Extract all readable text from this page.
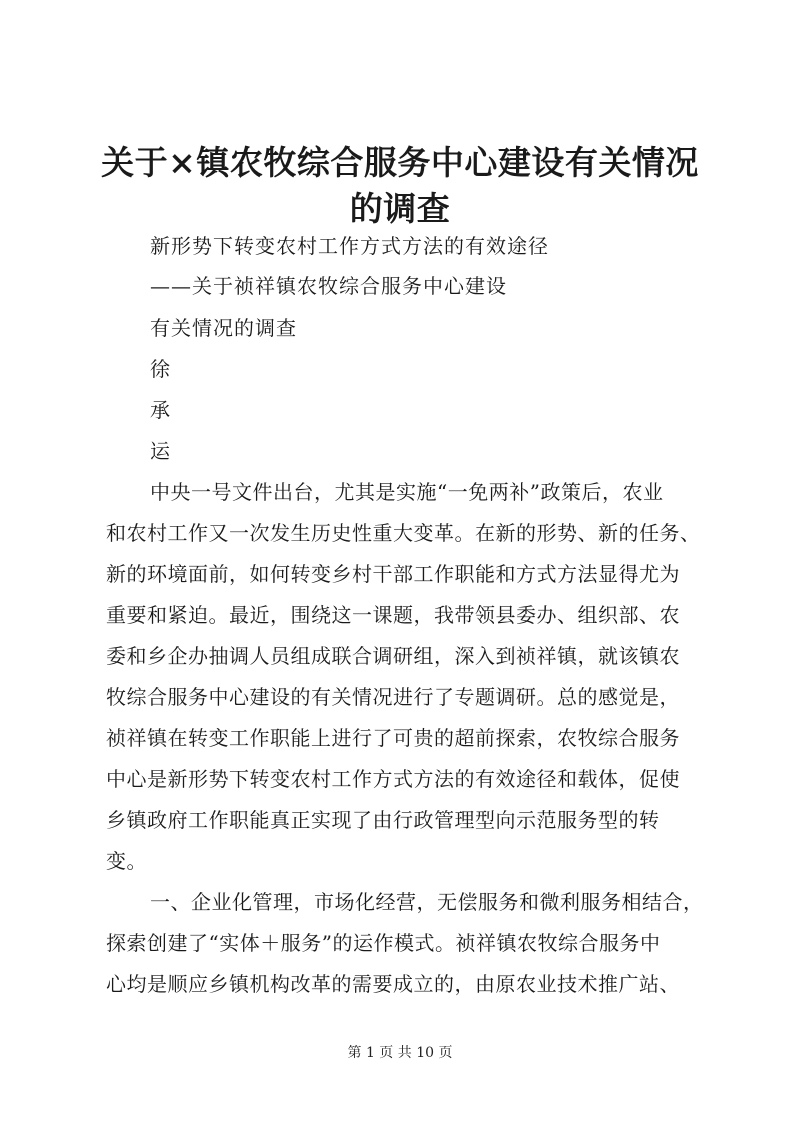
关于×镇农牧综合服务中心建设有关情况的调查
新形势下转变农村工作方式方法的有效途径
——关于祯祥镇农牧综合服务中心建设
有关情况的调查
徐
承
运
中央一号文件出台，尤其是实施“一免两补”政策后，农业
和农村工作又一次发生历史性重大变革。在新的形势、新的任务、
新的环境面前，如何转变乡村干部工作职能和方式方法显得尤为
重要和紧迫。最近，围绕这一课题，我带领县委办、组织部、农
委和乡企办抽调人员组成联合调研组，深入到祯祥镇，就该镇农
牧综合服务中心建设的有关情况进行了专题调研。总的感觉是，
祯祥镇在转变工作职能上进行了可贵的超前探索，农牧综合服务
中心是新形势下转变农村工作方式方法的有效途径和载体，促使
乡镇政府工作职能真正实现了由行政管理型向示范服务型的转
变。
一、企业化管理，市场化经营，无偿服务和微利服务相结合，
探索创建了“实体＋服务”的运作模式。祯祥镇农牧综合服务中
心均是顺应乡镇机构改革的需要成立的，由原农业技术推广站、
第 1 页 共 10 页
